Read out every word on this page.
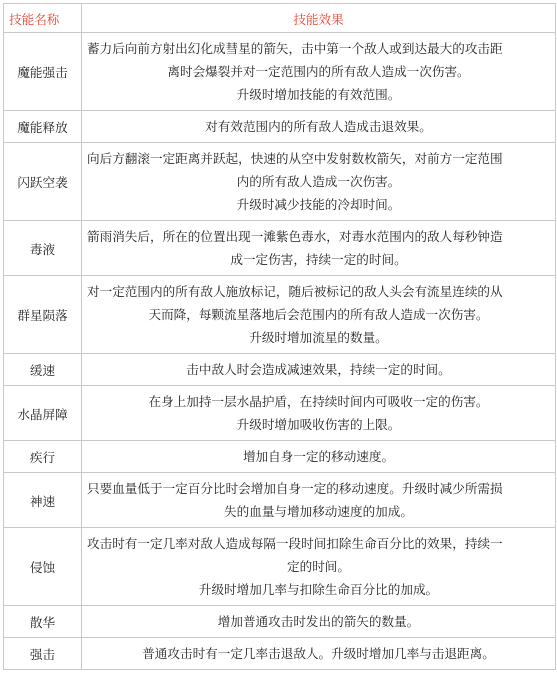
技能名称	技能效果
魔能强击	蓄力后向前方射出幻化成彗星的箭矢，击中第一个敌人或到达最大的攻击距
离时会爆裂并对一定范围内的所有敌人造成一次伤害。
升级时增加技能的有效范围。

魔能释放	对有效范围内的所有敌人造成击退效果。

闪跃空袭	向后方翻滚一定距离并跃起，快速的从空中发射数枚箭矢，对前方一定范围
内的所有敌人造成一次伤害。
升级时减少技能的冷却时间。

毒液	箭雨消失后，所在的位置出现一滩紫色毒水，对毒水范围内的敌人每秒钟造
成一定伤害，持续一定的时间。

群星陨落	对一定范围内的所有敌人施放标记，随后被标记的敌人头会有流星连续的从
天而降，每颗流星落地后会范围内的所有敌人造成一次伤害。
升级时增加流星的数量。

缓速	击中敌人时会造成减速效果，持续一定的时间。

水晶屏障	在身上加持一层水晶护盾，在持续时间内可吸收一定的伤害。
升级时增加吸收伤害的上限。

疾行	增加自身一定的移动速度。

神速	只要血量低于一定百分比时会增加自身一定的移动速度。升级时减少所需损
失的血量与增加移动速度的加成。

侵蚀	攻击时有一定几率对敌人造成每隔一段时间扣除生命百分比的效果，持续一
定的时间。
升级时增加几率与扣除生命百分比的加成。

散华	增加普通攻击时发出的箭矢的数量。

强击	普通攻击时有一定几率击退敌人。升级时增加几率与击退距离。
